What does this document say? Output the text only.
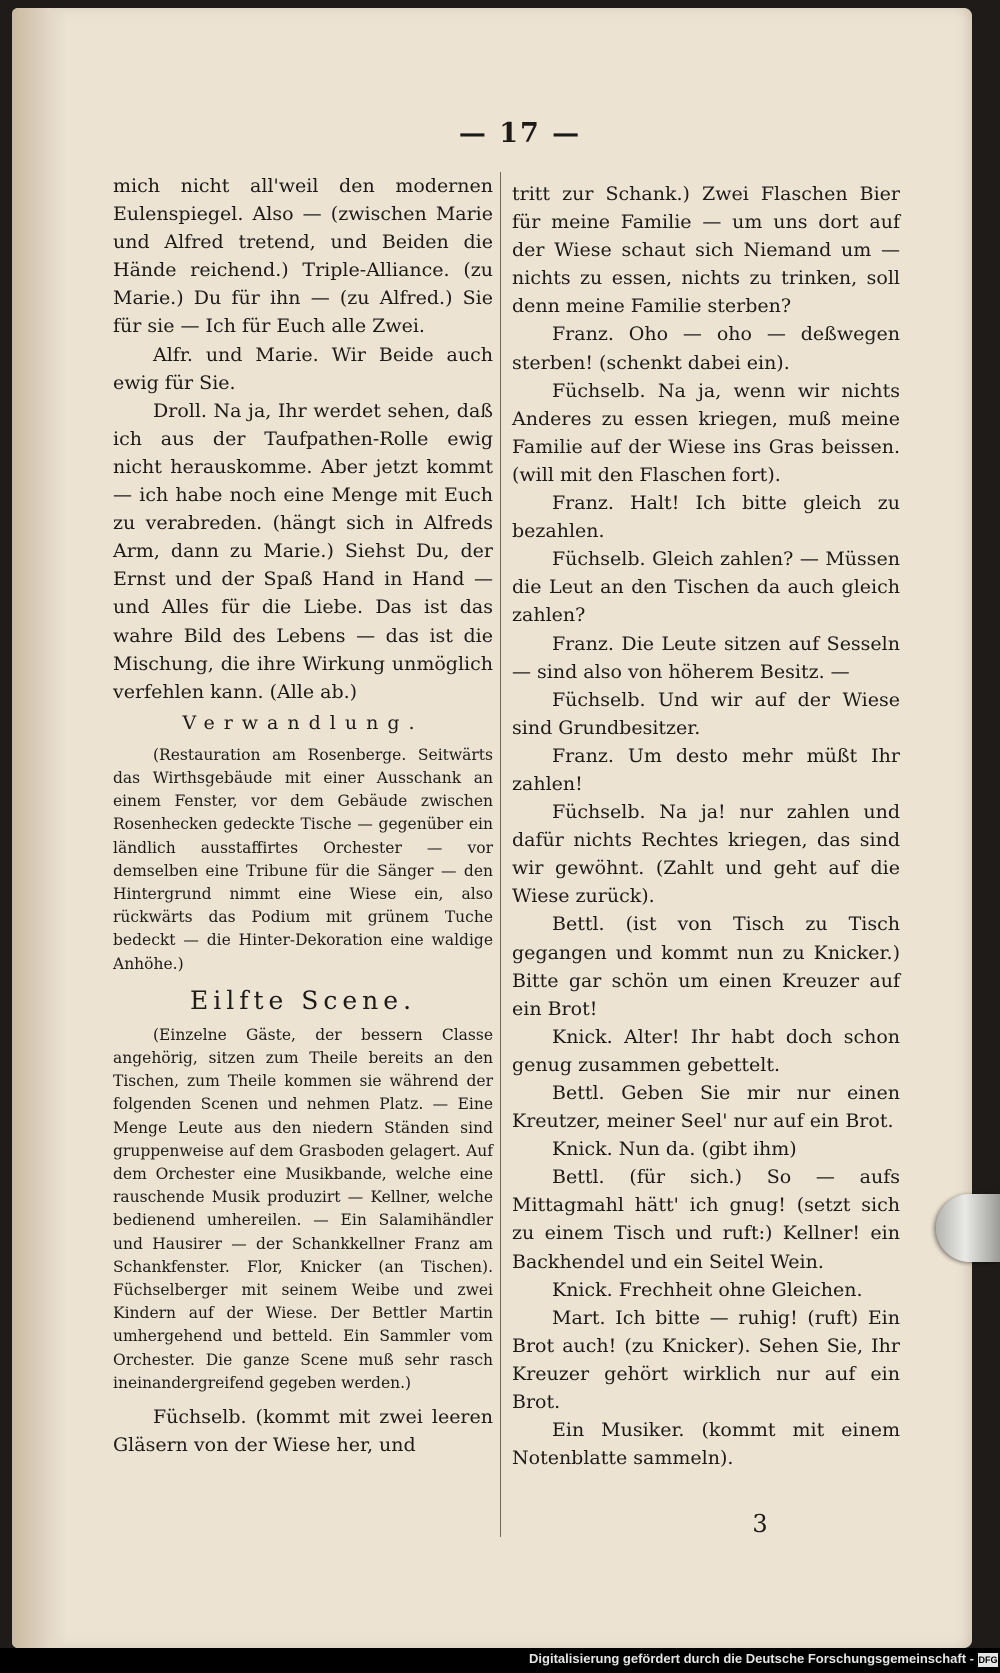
— 17 —

mich nicht all'weil den modernen Eulenspiegel. Also — (zwischen Marie und Alfred tretend, und Beiden die Hände reichend.) Triple-Alliance. (zu Marie.) Du für ihn — (zu Alfred.) Sie für sie — Ich für Euch alle Zwei.

Alfr. und Marie. Wir Beide auch ewig für Sie.

Droll. Na ja, Ihr werdet sehen, daß ich aus der Taufpathen-Rolle ewig nicht herauskomme. Aber jetzt kommt — ich habe noch eine Menge mit Euch zu verabreden. (hängt sich in Alfreds Arm, dann zu Marie.) Siehst Du, der Ernst und der Spaß Hand in Hand — und Alles für die Liebe. Das ist das wahre Bild des Lebens — das ist die Mischung, die ihre Wirkung unmöglich verfehlen kann. (Alle ab.)

Verwandlung.

(Restauration am Rosenberge. Seitwärts das Wirthsgebäude mit einer Ausschank an einem Fenster, vor dem Gebäude zwischen Rosenhecken gedeckte Tische — gegenüber ein ländlich ausstaffirtes Orchester — vor demselben eine Tribune für die Sänger — den Hintergrund nimmt eine Wiese ein, also rückwärts das Podium mit grünem Tuche bedeckt — die Hinter-Dekoration eine waldige Anhöhe.)

Eilfte Scene.

(Einzelne Gäste, der bessern Classe angehörig, sitzen zum Theile bereits an den Tischen, zum Theile kommen sie während der folgenden Scenen und nehmen Platz. — Eine Menge Leute aus den niedern Ständen sind gruppenweise auf dem Grasboden gelagert. Auf dem Orchester eine Musikbande, welche eine rauschende Musik produzirt — Kellner, welche bedienend umhereilen. — Ein Salamihändler und Hausirer — der Schankkellner Franz am Schankfenster. Flor, Knicker (an Tischen). Füchselberger mit seinem Weibe und zwei Kindern auf der Wiese. Der Bettler Martin umhergehend und betteld. Ein Sammler vom Orchester. Die ganze Scene muß sehr rasch ineinandergreifend gegeben werden.)

Füchselb. (kommt mit zwei leeren Gläsern von der Wiese her, und

tritt zur Schank.) Zwei Flaschen Bier für meine Familie — um uns dort auf der Wiese schaut sich Niemand um — nichts zu essen, nichts zu trinken, soll denn meine Familie sterben?

Franz. Oho — oho — deßwegen sterben! (schenkt dabei ein).

Füchselb. Na ja, wenn wir nichts Anderes zu essen kriegen, muß meine Familie auf der Wiese ins Gras beissen. (will mit den Flaschen fort).

Franz. Halt! Ich bitte gleich zu bezahlen.

Füchselb. Gleich zahlen? — Müssen die Leut an den Tischen da auch gleich zahlen?

Franz. Die Leute sitzen auf Sesseln — sind also von höherem Besitz. —

Füchselb. Und wir auf der Wiese sind Grundbesitzer.

Franz. Um desto mehr müßt Ihr zahlen!

Füchselb. Na ja! nur zahlen und dafür nichts Rechtes kriegen, das sind wir gewöhnt. (Zahlt und geht auf die Wiese zurück).

Bettl. (ist von Tisch zu Tisch gegangen und kommt nun zu Knicker.) Bitte gar schön um einen Kreuzer auf ein Brot!

Knick. Alter! Ihr habt doch schon genug zusammen gebettelt.

Bettl. Geben Sie mir nur einen Kreutzer, meiner Seel' nur auf ein Brot.

Knick. Nun da. (gibt ihm)

Bettl. (für sich.) So — aufs Mittagmahl hätt' ich gnug! (setzt sich zu einem Tisch und ruft:) Kellner! ein Backhendel und ein Seitel Wein.

Knick. Frechheit ohne Gleichen.

Mart. Ich bitte — ruhig! (ruft) Ein Brot auch! (zu Knicker). Sehen Sie, Ihr Kreuzer gehört wirklich nur auf ein Brot.

Ein Musiker. (kommt mit einem Notenblatte sammeln).

3
Digitalisierung gefördert durch die Deutsche Forschungsgemeinschaft - DFG
